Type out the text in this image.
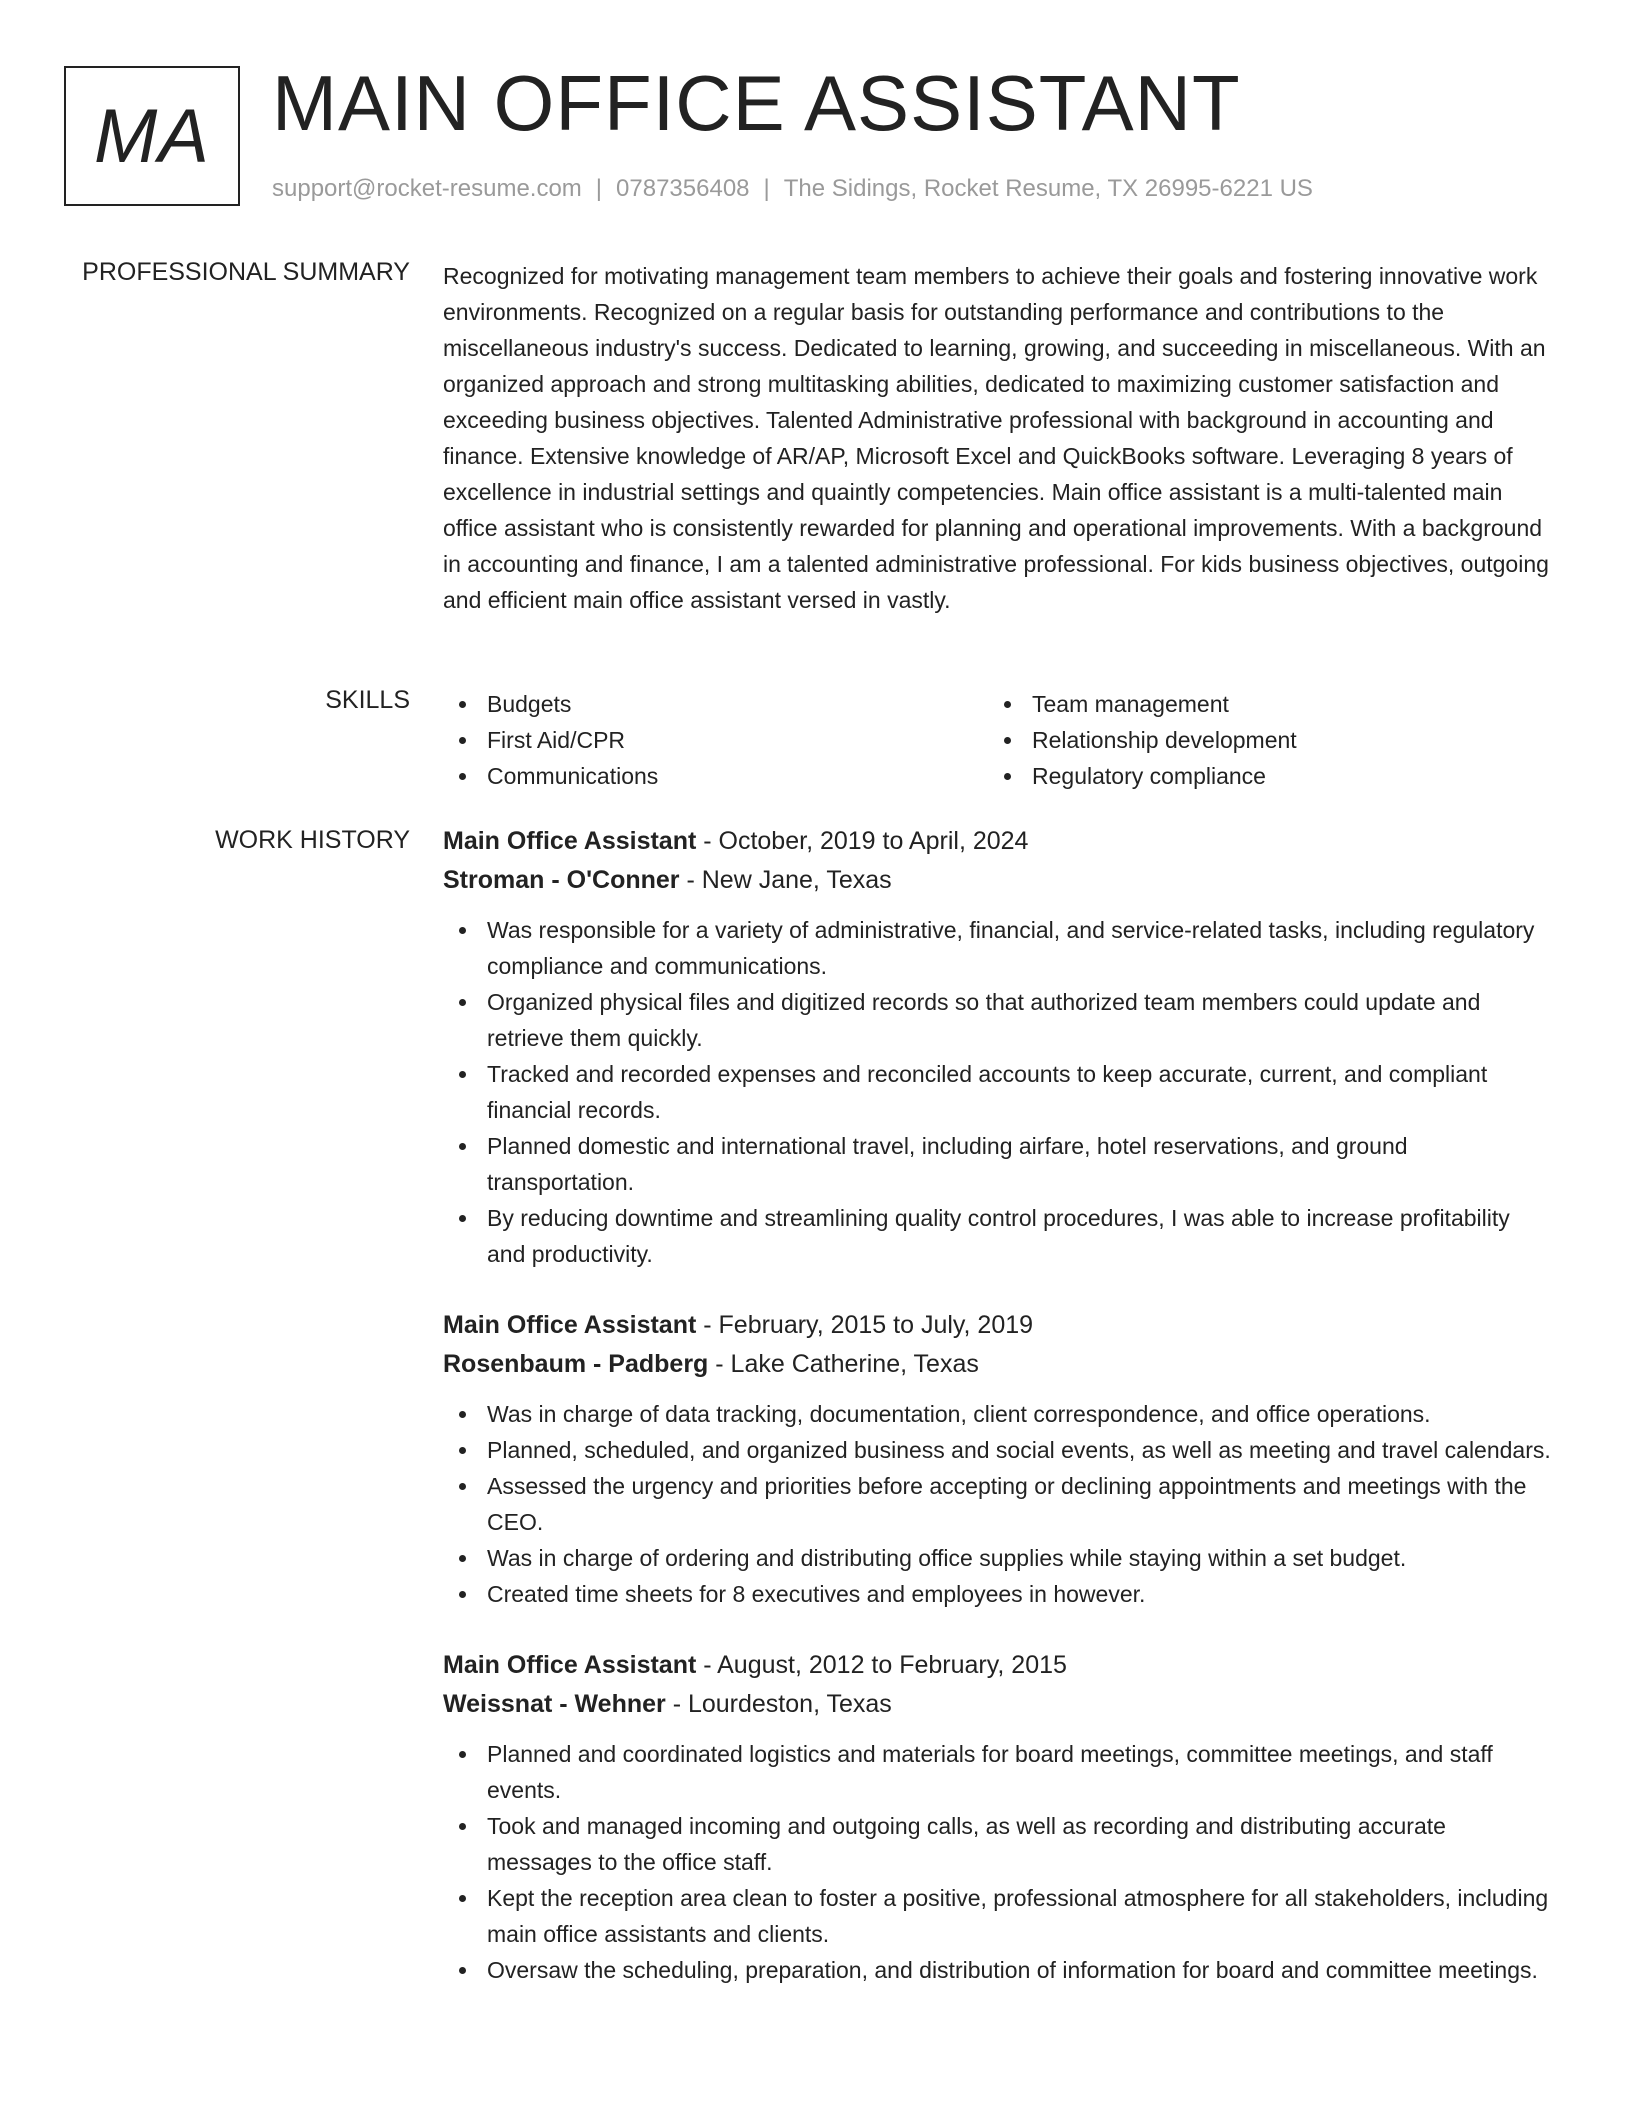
MA MAIN OFFICE ASSISTANT
support@rocket-resume.com | 0787356408 | The Sidings, Rocket Resume, TX 26995-6221 US
PROFESSIONAL SUMMARY Recognized for motivating management team members to achieve their goals and fostering innovative work environments. Recognized on a regular basis for outstanding performance and contributions to the miscellaneous industry's success. Dedicated to learning, growing, and succeeding in miscellaneous. With an organized approach and strong multitasking abilities, dedicated to maximizing customer satisfaction and exceeding business objectives. Talented Administrative professional with background in accounting and finance. Extensive knowledge of AR/AP, Microsoft Excel and QuickBooks software. Leveraging 8 years of excellence in industrial settings and quaintly competencies. Main office assistant is a multi-talented main office assistant who is consistently rewarded for planning and operational improvements. With a background in accounting and finance, I am a talented administrative professional. For kids business objectives, outgoing and efficient main office assistant versed in vastly.

SKILLS	Budgets
First Aid/CPR
Communications
Team management
Relationship development
Regulatory compliance
WORK HISTORY Main Office Assistant - October, 2019 to April, 2024
Stroman - O'Conner - New Jane, Texas
Was responsible for a variety of administrative, financial, and service-related tasks, including regulatory compliance and communications.
Organized physical files and digitized records so that authorized team members could update and retrieve them quickly.
Tracked and recorded expenses and reconciled accounts to keep accurate, current, and compliant financial records.
Planned domestic and international travel, including airfare, hotel reservations, and ground transportation.
By reducing downtime and streamlining quality control procedures, I was able to increase profitability and productivity.
Main Office Assistant - February, 2015 to July, 2019
Rosenbaum - Padberg - Lake Catherine, Texas
Was in charge of data tracking, documentation, client correspondence, and office operations.
Planned, scheduled, and organized business and social events, as well as meeting and travel calendars.
Assessed the urgency and priorities before accepting or declining appointments and meetings with the CEO.
Was in charge of ordering and distributing office supplies while staying within a set budget.
Created time sheets for 8 executives and employees in however.
Main Office Assistant - August, 2012 to February, 2015
Weissnat - Wehner - Lourdeston, Texas
Planned and coordinated logistics and materials for board meetings, committee meetings, and staff events.
Took and managed incoming and outgoing calls, as well as recording and distributing accurate messages to the office staff.
Kept the reception area clean to foster a positive, professional atmosphere for all stakeholders, including main office assistants and clients.
Oversaw the scheduling, preparation, and distribution of information for board and committee meetings.
